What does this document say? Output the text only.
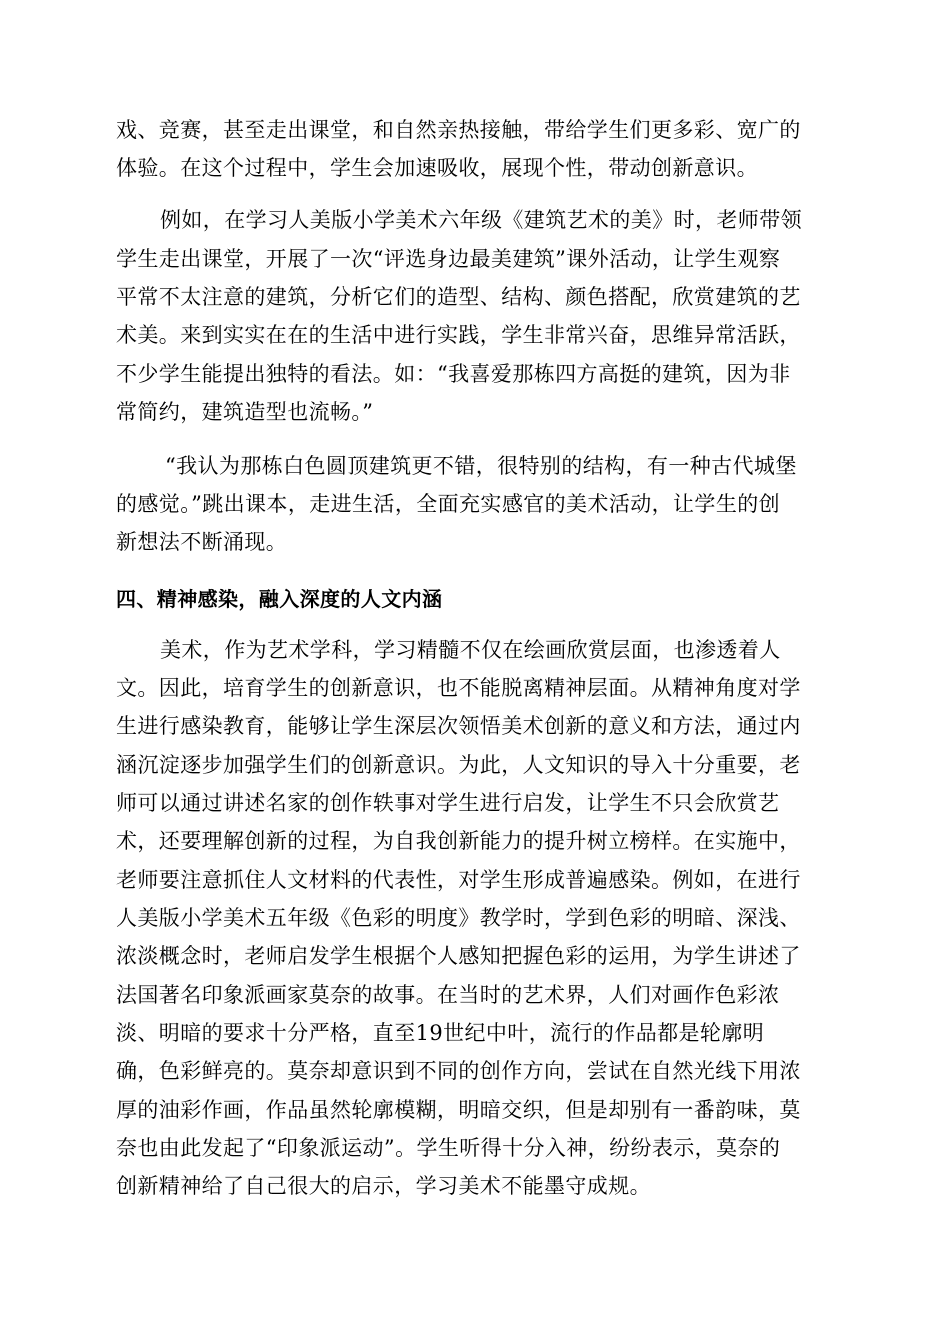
戏、竞赛，甚至走出课堂，和自然亲热接触，带给学生们更多彩、宽广的
体验。在这个过程中，学生会加速吸收，展现个性，带动创新意识。
例如，在学习人美版小学美术六年级《建筑艺术的美》时，老师带领
学生走出课堂，开展了一次“评选身边最美建筑”课外活动，让学生观察
平常不太注意的建筑，分析它们的造型、结构、颜色搭配，欣赏建筑的艺
术美。来到实实在在的生活中进行实践，学生非常兴奋，思维异常活跃，
不少学生能提出独特的看法。如：“我喜爱那栋四方高挺的建筑，因为非
常简约，建筑造型也流畅。”
“我认为那栋白色圆顶建筑更不错，很特别的结构，有一种古代城堡
的感觉。”跳出课本，走进生活，全面充实感官的美术活动，让学生的创
新想法不断涌现。
四、精神感染，融入深度的人文内涵
美术，作为艺术学科，学习精髓不仅在绘画欣赏层面，也渗透着人
文。因此，培育学生的创新意识，也不能脱离精神层面。从精神角度对学
生进行感染教育，能够让学生深层次领悟美术创新的意义和方法，通过内
涵沉淀逐步加强学生们的创新意识。为此，人文知识的导入十分重要，老
师可以通过讲述名家的创作轶事对学生进行启发，让学生不只会欣赏艺
术，还要理解创新的过程，为自我创新能力的提升树立榜样。在实施中，
老师要注意抓住人文材料的代表性，对学生形成普遍感染。例如，在进行
人美版小学美术五年级《色彩的明度》教学时，学到色彩的明暗、深浅、
浓淡概念时，老师启发学生根据个人感知把握色彩的运用，为学生讲述了
法国著名印象派画家莫奈的故事。在当时的艺术界，人们对画作色彩浓
淡、明暗的要求十分严格，直至19世纪中叶，流行的作品都是轮廓明
确，色彩鲜亮的。莫奈却意识到不同的创作方向，尝试在自然光线下用浓
厚的油彩作画，作品虽然轮廓模糊，明暗交织，但是却别有一番韵味，莫
奈也由此发起了“印象派运动”。学生听得十分入神，纷纷表示，莫奈的
创新精神给了自己很大的启示，学习美术不能墨守成规。
